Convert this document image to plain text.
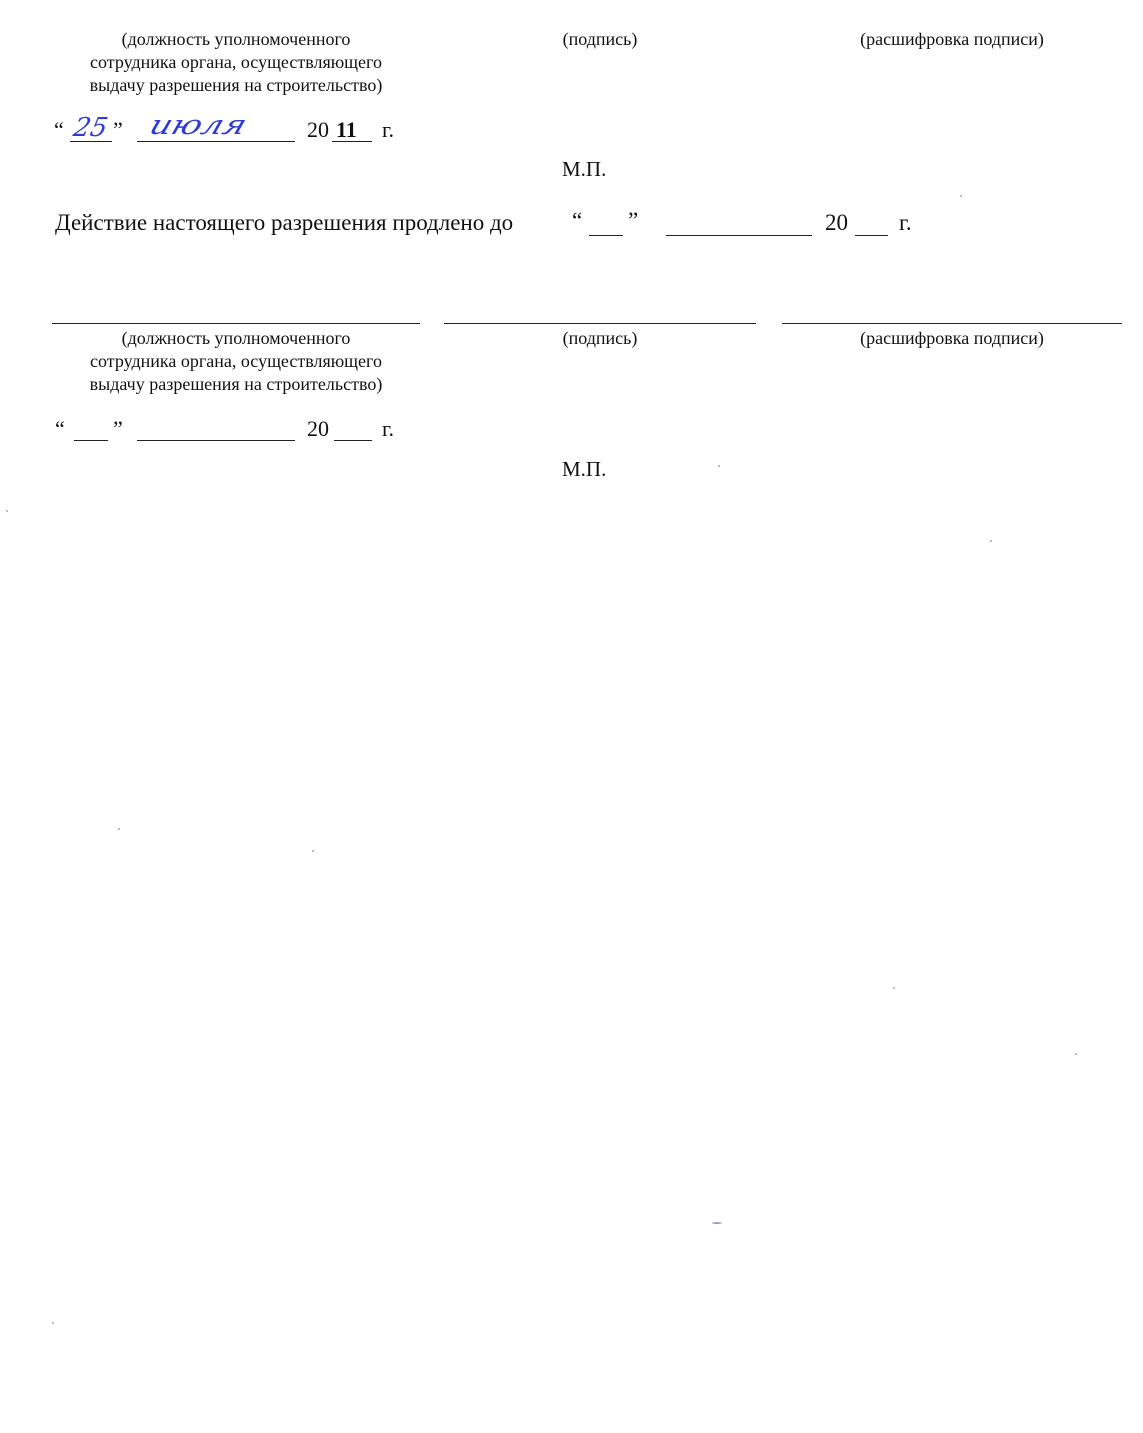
(должность уполномоченного
сотрудника органа, осуществляющего
выдачу разрешения на строительство)
(подпись)	(расшифровка подписи)
“ 25 ” июля	20 11 г.
М.П.
Действие настоящего разрешения продлено до	“ ”	20 г.
(должность уполномоченного
сотрудника органа, осуществляющего
выдачу разрешения на строительство)
(подпись)	(расшифровка подписи)
“ ”	20 г.
М.П.
